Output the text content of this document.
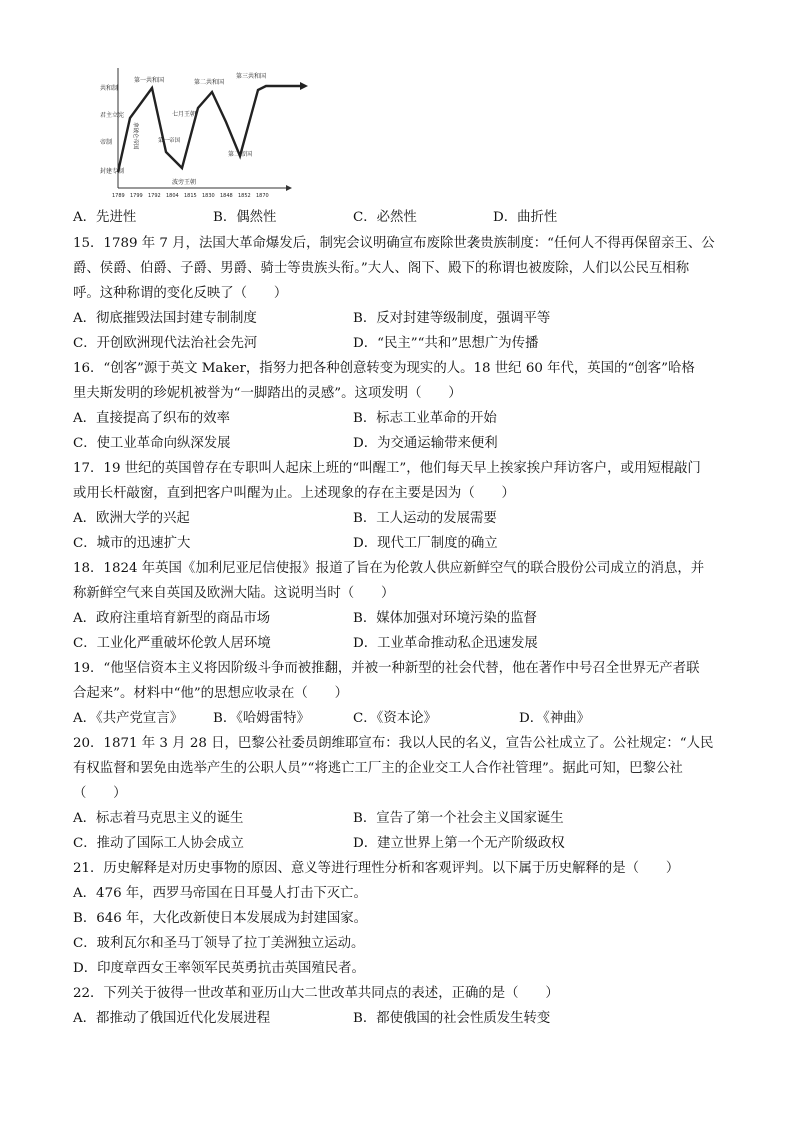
共和制
君主立宪
帝制
封建专制
第一共和国	第二共和国
第三共和国
拿破仑帝国
七月王朝
第一帝国
第二帝国
波旁王朝
1789 1799 1792 1804 1815 1830 1848 1852 1870
A．先进性	B．偶然性	C．必然性	D．曲折性
15．1789 年 7 月，法国大革命爆发后，制宪会议明确宣布废除世袭贵族制度：“任何人不得再保留亲王、公
爵、侯爵、伯爵、子爵、男爵、骑士等贵族头衔。”大人、阁下、殿下的称谓也被废除，人们以公民互相称
呼。这种称谓的变化反映了（　　）
A．彻底摧毁法国封建专制制度	B．反对封建等级制度，强调平等
C．开创欧洲现代法治社会先河	D．“民主”“共和”思想广为传播
16．“创客”源于英文 Maker，指努力把各种创意转变为现实的人。18 世纪 60 年代，英国的“创客”哈格
里夫斯发明的珍妮机被誉为“一脚踏出的灵感”。这项发明（　　）
A．直接提高了织布的效率	B．标志工业革命的开始
C．使工业革命向纵深发展	D．为交通运输带来便利
17．19 世纪的英国曾存在专职叫人起床上班的“叫醒工”，他们每天早上挨家挨户拜访客户，或用短棍敲门
或用长杆敲窗，直到把客户叫醒为止。上述现象的存在主要是因为（　　）
A．欧洲大学的兴起	B．工人运动的发展需要
C．城市的迅速扩大	D．现代工厂制度的确立
18．1824 年英国《加利尼亚尼信使报》报道了旨在为伦敦人供应新鲜空气的联合股份公司成立的消息，并
称新鲜空气来自英国及欧洲大陆。这说明当时（　　）
A．政府注重培育新型的商品市场	B．媒体加强对环境污染的监督
C．工业化严重破坏伦敦人居环境	D．工业革命推动私企迅速发展
19．“他坚信资本主义将因阶级斗争而被推翻，并被一种新型的社会代替，他在著作中号召全世界无产者联
合起来”。材料中“他”的思想应收录在（　　）
A．《共产党宣言》 B．《哈姆雷特》	C．《资本论》	D．《神曲》
20．1871 年 3 月 28 日，巴黎公社委员朗维耶宣布：我以人民的名义，宣告公社成立了。公社规定：“人民
有权监督和罢免由选举产生的公职人员”“将逃亡工厂主的企业交工人合作社管理”。据此可知，巴黎公社
（　　）
A．标志着马克思主义的诞生	B．宣告了第一个社会主义国家诞生
C．推动了国际工人协会成立	D．建立世界上第一个无产阶级政权
21．历史解释是对历史事物的原因、意义等进行理性分析和客观评判。以下属于历史解释的是（　　）
A．476 年，西罗马帝国在日耳曼人打击下灭亡。
B．646 年，大化改新使日本发展成为封建国家。
C．玻利瓦尔和圣马丁领导了拉丁美洲独立运动。
D．印度章西女王率领军民英勇抗击英国殖民者。
22．下列关于彼得一世改革和亚历山大二世改革共同点的表述，正确的是（　　）
A．都推动了俄国近代化发展进程	B．都使俄国的社会性质发生转变
